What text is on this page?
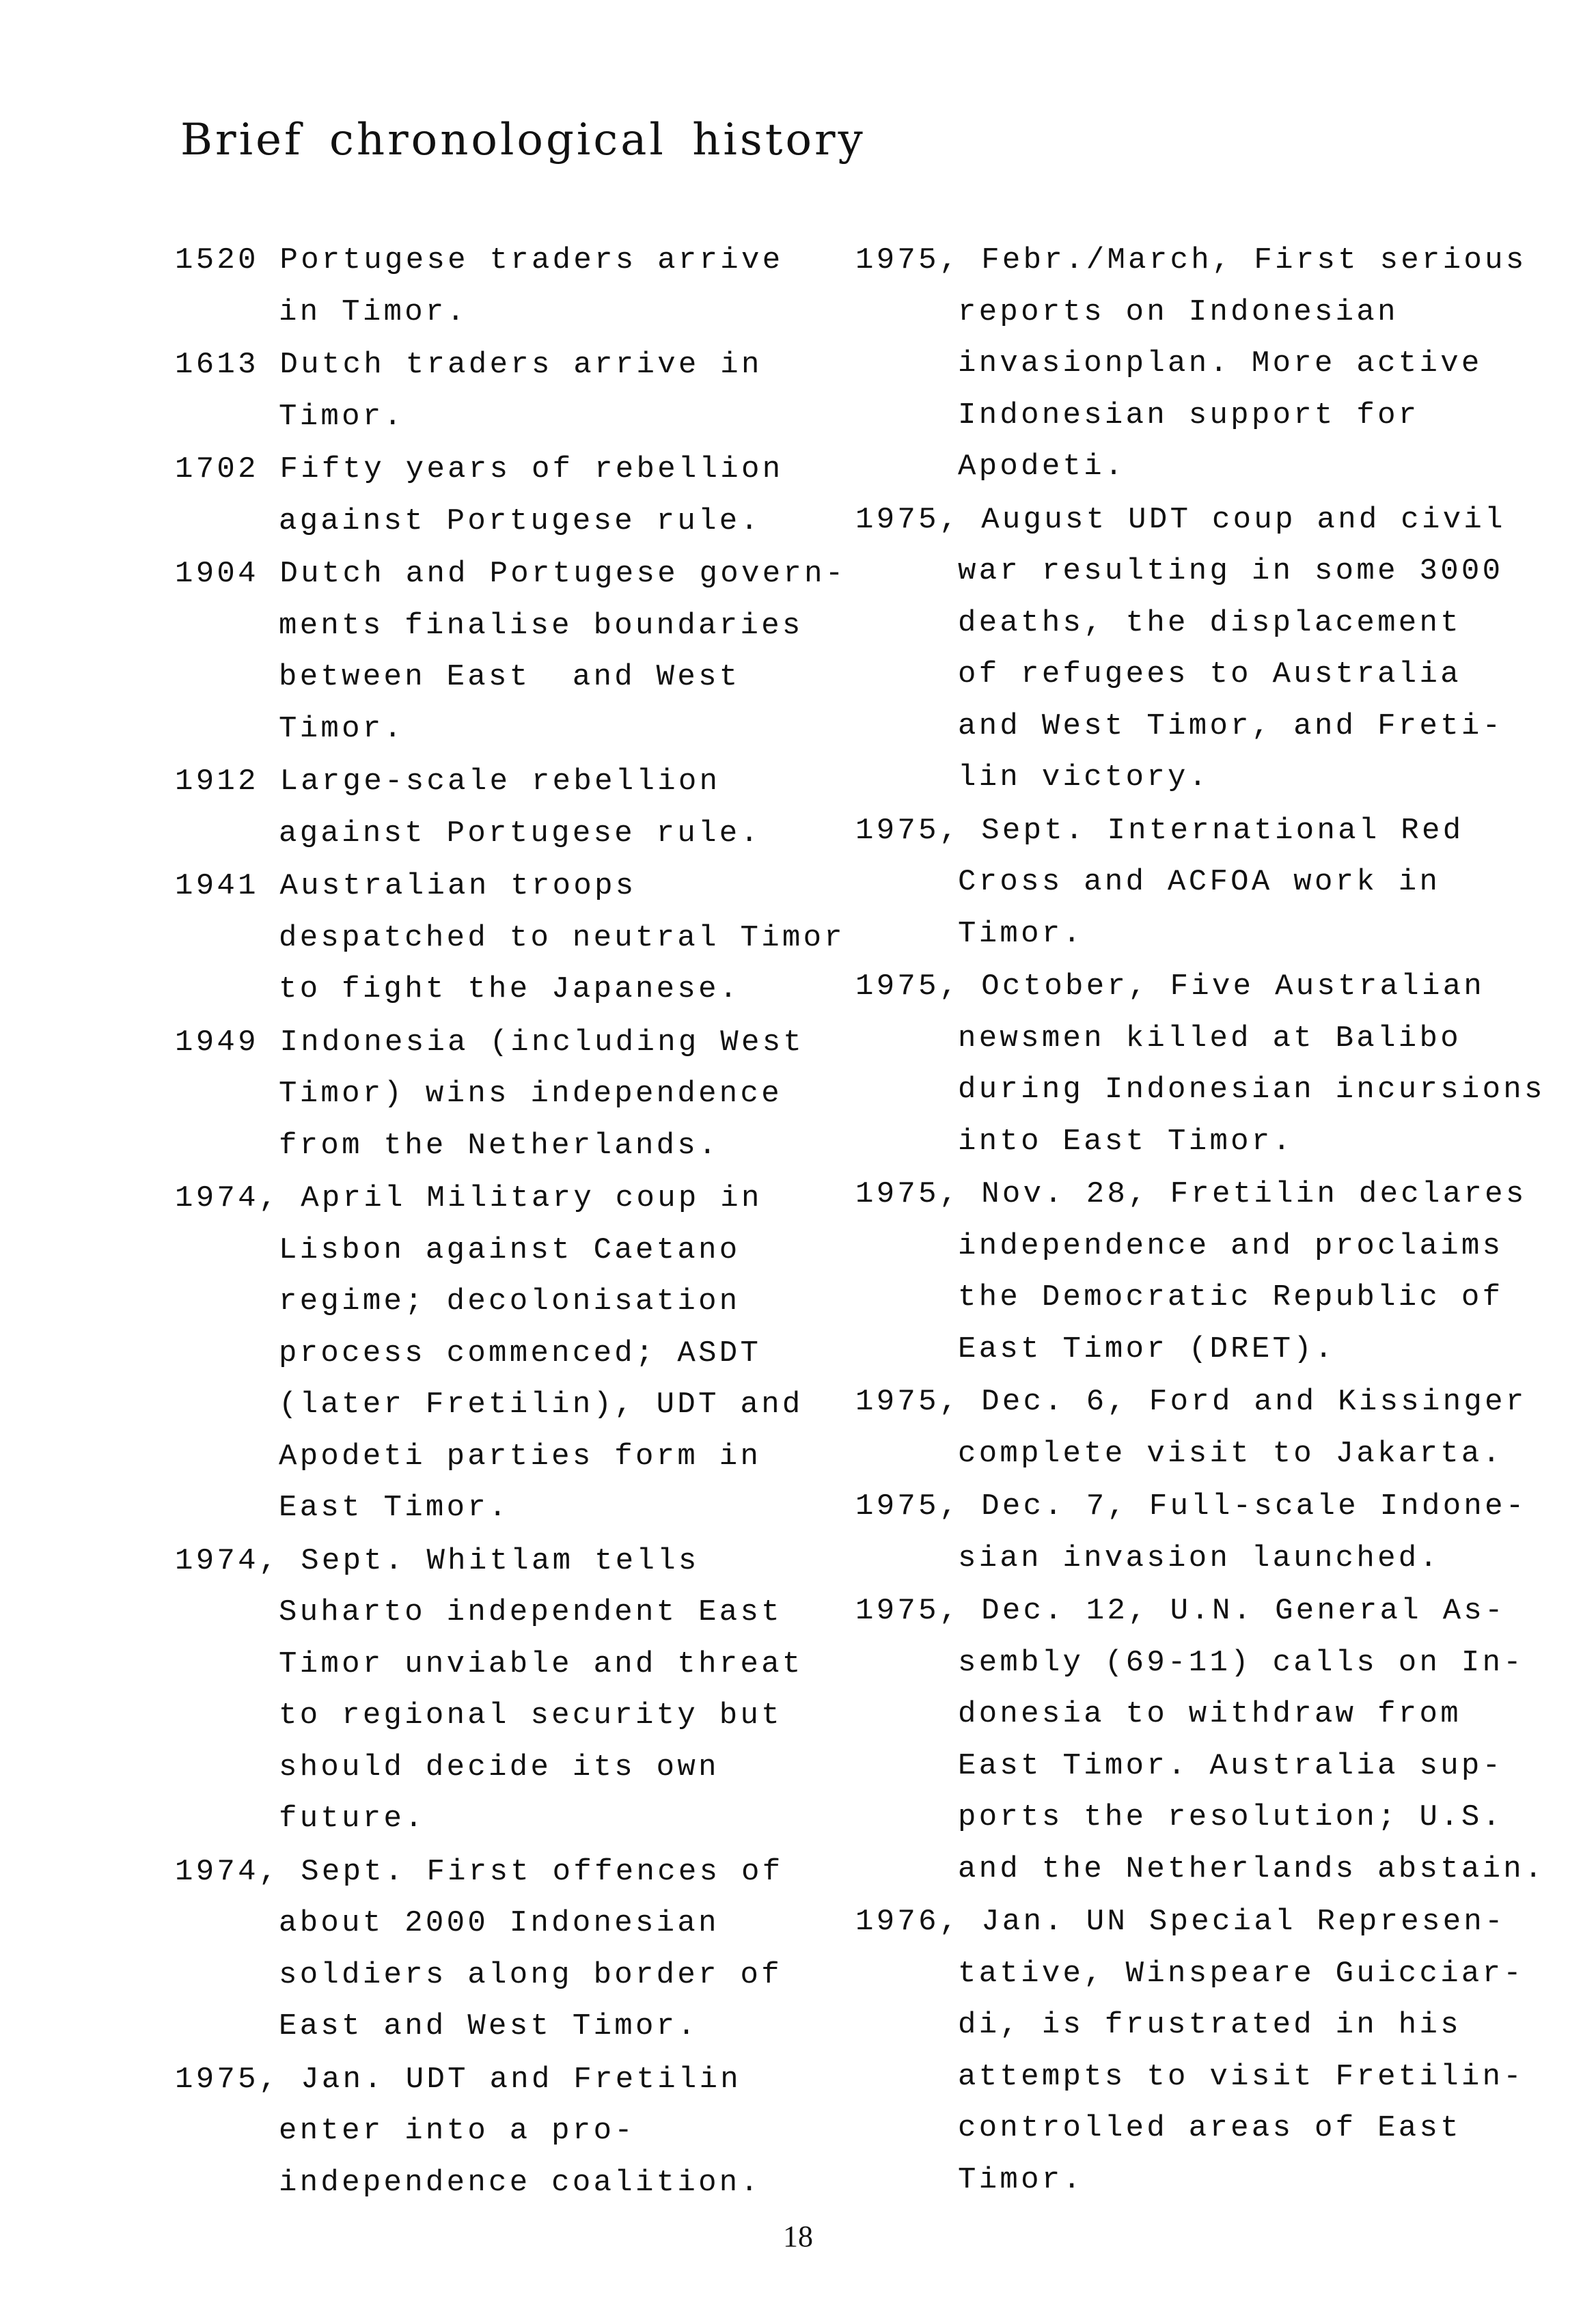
Brief chronological history
1520 Portugese traders arrive
in Timor.
1613 Dutch traders arrive in
Timor.
1702 Fifty years of rebellion
against Portugese rule.
1904 Dutch and Portugese govern-
ments finalise boundaries
between East  and West
Timor.
1912 Large-scale rebellion
against Portugese rule.
1941 Australian troops
despatched to neutral Timor
to fight the Japanese.
1949 Indonesia (including West
Timor) wins independence
from the Netherlands.
1974, April Military coup in
Lisbon against Caetano
regime; decolonisation
process commenced; ASDT
(later Fretilin), UDT and
Apodeti parties form in
East Timor.
1974, Sept. Whitlam tells
Suharto independent East
Timor unviable and threat
to regional security but
should decide its own
future.
1974, Sept. First offences of
about 2000 Indonesian
soldiers along border of
East and West Timor.
1975, Jan. UDT and Fretilin
enter into a pro-
independence coalition.
1975, Febr./March, First serious
reports on Indonesian
invasionplan. More active
Indonesian support for
Apodeti.
1975, August UDT coup and civil
war resulting in some 3000
deaths, the displacement
of refugees to Australia
and West Timor, and Freti-
lin victory.
1975, Sept. International Red
Cross and ACFOA work in
Timor.
1975, October, Five Australian
newsmen killed at Balibo
during Indonesian incursions
into East Timor.
1975, Nov. 28, Fretilin declares
independence and proclaims
the Democratic Republic of
East Timor (DRET).
1975, Dec. 6, Ford and Kissinger
complete visit to Jakarta.
1975, Dec. 7, Full-scale Indone-
sian invasion launched.
1975, Dec. 12, U.N. General As-
sembly (69-11) calls on In-
donesia to withdraw from
East Timor. Australia sup-
ports the resolution; U.S.
and the Netherlands abstain.
1976, Jan. UN Special Represen-
tative, Winspeare Guicciar-
di, is frustrated in his
attempts to visit Fretilin-
controlled areas of East
Timor.
18
